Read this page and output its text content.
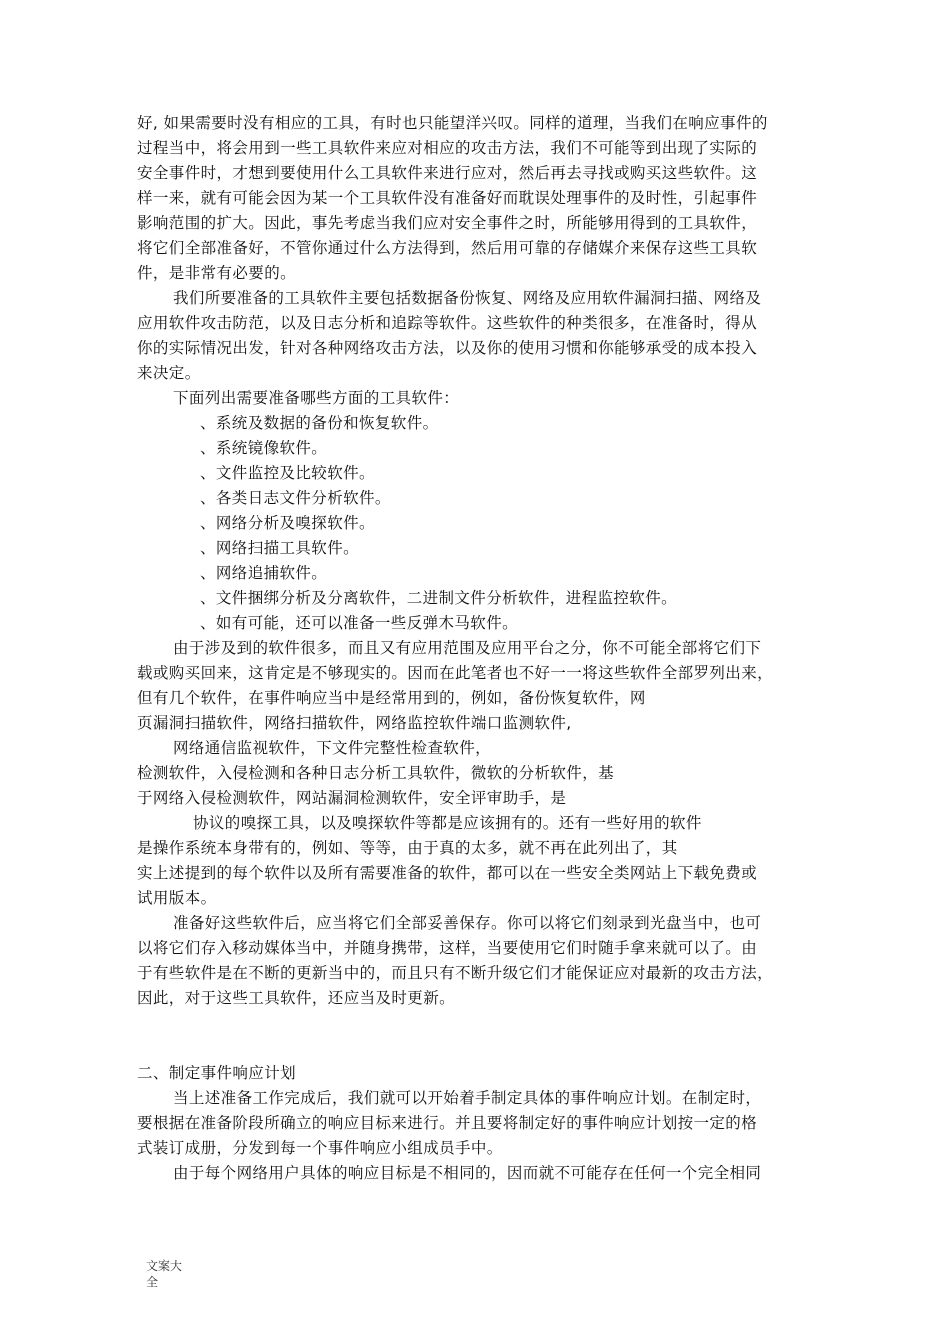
好, 如果需要时没有相应的工具，有时也只能望洋兴叹。同样的道理，当我们在响应事件的

过程当中，将会用到一些工具软件来应对相应的攻击方法，我们不可能等到出现了实际的

安全事件时，才想到要使用什么工具软件来进行应对，然后再去寻找或购买这些软件。这

样一来，就有可能会因为某一个工具软件没有准备好而耽误处理事件的及时性，引起事件

影响范围的扩大。因此，事先考虑当我们应对安全事件之时，所能够用得到的工具软件，

将它们全部准备好，不管你通过什么方法得到，然后用可靠的存储媒介来保存这些工具软

件，是非常有必要的。

我们所要准备的工具软件主要包括数据备份恢复、网络及应用软件漏洞扫描、网络及

应用软件攻击防范，以及日志分析和追踪等软件。这些软件的种类很多，在准备时，得从

你的实际情况出发，针对各种网络攻击方法，以及你的使用习惯和你能够承受的成本投入

来决定。

下面列出需要准备哪些方面的工具软件：

、系统及数据的备份和恢复软件。

、系统镜像软件。

、文件监控及比较软件。

、各类日志文件分析软件。

、网络分析及嗅探软件。

、网络扫描工具软件。

、网络追捕软件。

、文件捆绑分析及分离软件，二进制文件分析软件，进程监控软件。

、如有可能，还可以准备一些反弹木马软件。

由于涉及到的软件很多，而且又有应用范围及应用平台之分，你不可能全部将它们下

载或购买回来，这肯定是不够现实的。因而在此笔者也不好一一将这些软件全部罗列出来，

但有几个软件，在事件响应当中是经常用到的，例如，备份恢复软件，网

页漏洞扫描软件，网络扫描软件，网络监控软件端口监测软件,

网络通信监视软件，下文件完整性检查软件，

检测软件，入侵检测和各种日志分析工具软件，微软的分析软件，基

于网络入侵检测软件，网站漏洞检测软件，安全评审助手，是

协议的嗅探工具，以及嗅探软件等都是应该拥有的。还有一些好用的软件

是操作系统本身带有的，例如、等等，由于真的太多，就不再在此列出了，其

实上述提到的每个软件以及所有需要准备的软件，都可以在一些安全类网站上下载免费或

试用版本。

准备好这些软件后，应当将它们全部妥善保存。你可以将它们刻录到光盘当中，也可

以将它们存入移动媒体当中，并随身携带，这样，当要使用它们时随手拿来就可以了。由

于有些软件是在不断的更新当中的，而且只有不断升级它们才能保证应对最新的攻击方法，

因此，对于这些工具软件，还应当及时更新。

二、制定事件响应计划

当上述准备工作完成后，我们就可以开始着手制定具体的事件响应计划。在制定时，

要根据在准备阶段所确立的响应目标来进行。并且要将制定好的事件响应计划按一定的格

式装订成册，分发到每一个事件响应小组成员手中。

由于每个网络用户具体的响应目标是不相同的，因而就不可能存在任何一个完全相同

文案大
全
